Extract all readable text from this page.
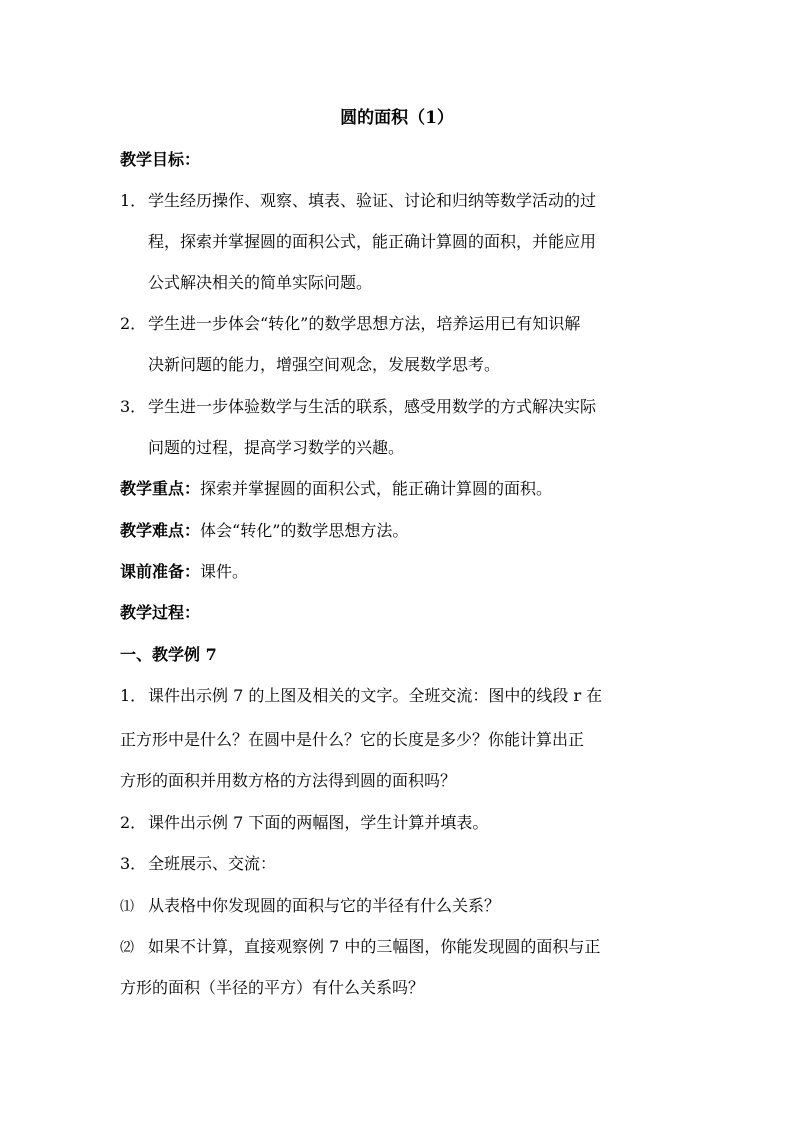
圆的面积（1）
教学目标：
1． 学生经历操作、观察、填表、验证、讨论和归纳等数学活动的过
程，探索并掌握圆的面积公式，能正确计算圆的面积，并能应用
公式解决相关的简单实际问题。
2． 学生进一步体会“转化”的数学思想方法，培养运用已有知识解
决新问题的能力，增强空间观念，发展数学思考。
3． 学生进一步体验数学与生活的联系，感受用数学的方式解决实际
问题的过程，提高学习数学的兴趣。
教学重点：探索并掌握圆的面积公式，能正确计算圆的面积。
教学难点：体会“转化”的数学思想方法。
课前准备：课件。
教学过程：
一、教学例 7
1． 课件出示例 7 的上图及相关的文字。全班交流：图中的线段 r 在
正方形中是什么？在圆中是什么？它的长度是多少？你能计算出正
方形的面积并用数方格的方法得到圆的面积吗？
2． 课件出示例 7 下面的两幅图，学生计算并填表。
3． 全班展示、交流：
⑴ 从表格中你发现圆的面积与它的半径有什么关系？
⑵ 如果不计算，直接观察例 7 中的三幅图，你能发现圆的面积与正
方形的面积（半径的平方）有什么关系吗？
